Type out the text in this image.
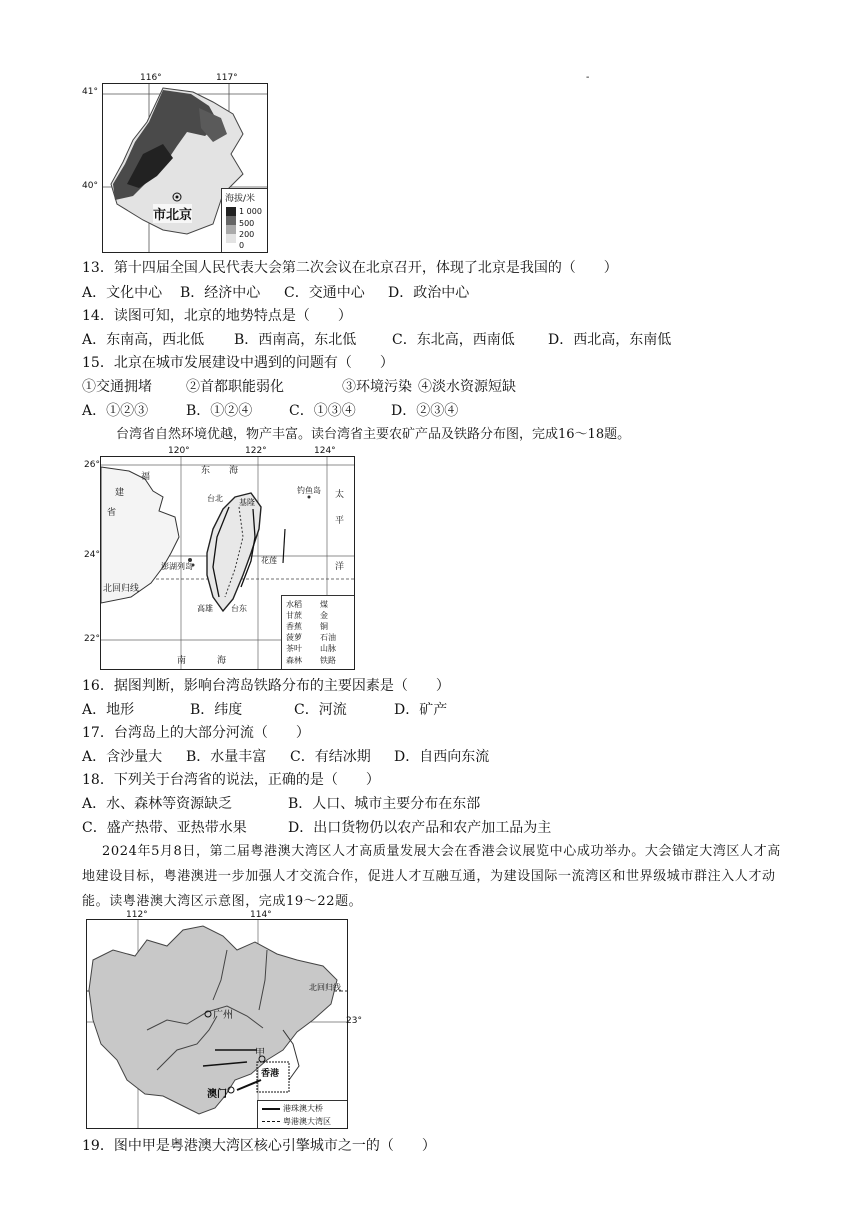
-
市北京
海拔/米
1 000
500
200
0
116°	117°
41°
40°
13．第十四届全国人民代表大会第二次会议在北京召开，体现了北京是我国的（　　）
A．文化中心 B．经济中心 C．交通中心 D．政治中心
14．读图可知，北京的地势特点是（　　）
A．东南高，西北低 B．西南高，东北低	C．东北高，西南低 D．西北高，东南低
15．北京在城市发展建设中遇到的问题有（　　）
①交通拥堵 ②首都职能弱化	③环境污染 ④淡水资源短缺
A．①②③	B．①②④	C．①③④	D．②③④
台湾省自然环境优越，物产丰富。读台湾省主要农矿产品及铁路分布图，完成16～18题。
福
东 海
建
省
太
平
洋
台北 基隆
钓鱼岛
花莲
澎湖列岛
北回归线
高雄 台东
南	海
水稻 煤
甘蔗 金
香蕉 铜
菠萝 石油
茶叶 山脉
森林 铁路
120°	122°	124°
26°
24°
22°
16．据图判断，影响台湾岛铁路分布的主要因素是（　　）
A．地形	B．纬度	C．河流	D．矿产
17．台湾岛上的大部分河流（　　）
A．含沙量大 B．水量丰富 C．有结冰期 D．自西向东流
18．下列关于台湾省的说法，正确的是（　　）
A．水、森林等资源缺乏	B．人口、城市主要分布在东部
C．盛产热带、亚热带水果	D．出口货物仍以农产品和农产加工品为主
2024年5月8日，第二届粤港澳大湾区人才高质量发展大会在香港会议展览中心成功举办。大会锚定大湾区人才高地建设目标，粤港澳进一步加强人才交流合作，促进人才互融互通，为建设国际一流湾区和世界级城市群注入人才动能。读粤港澳大湾区示意图，完成19～22题。
北回归线
广州
甲
澳门
香港
港珠澳大桥
粤港澳大湾区
112°	114°
23°
19．图中甲是粤港澳大湾区核心引擎城市之一的（　　）
